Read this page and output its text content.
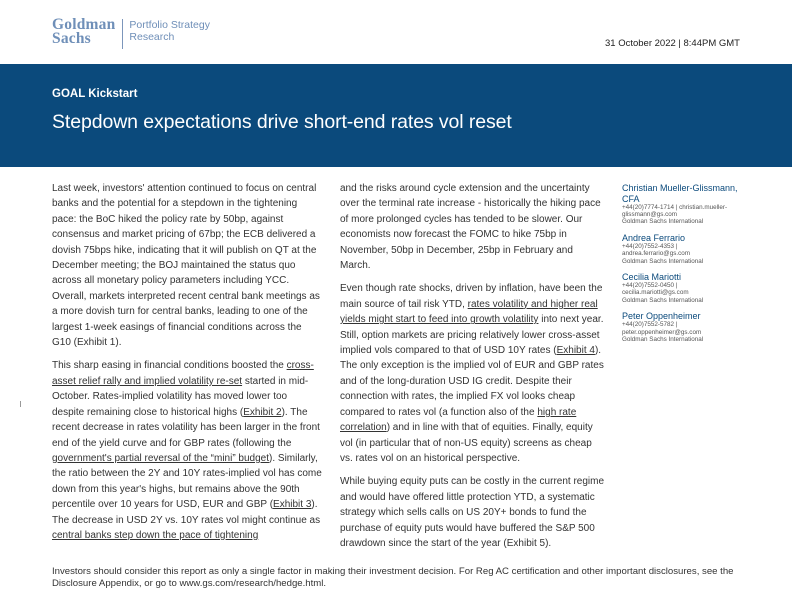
Goldman
Sachs
Portfolio Strategy
Research
31 October 2022 | 8:44PM GMT
GOAL Kickstart
Stepdown expectations drive short-end rates vol reset

Last week, investors' attention continued to focus on central banks and the potential for a stepdown in the tightening pace: the BoC hiked the policy rate by 50bp, against consensus and market pricing of 67bp; the ECB delivered a dovish 75bps hike, indicating that it will publish on QT at the December meeting; the BOJ maintained the status quo across all monetary policy parameters including YCC. Overall, markets interpreted recent central bank meetings as a more dovish turn for central banks, leading to one of the largest 1-week easings of financial conditions across the G10 (Exhibit 1).

This sharp easing in financial conditions boosted the cross-asset relief rally and implied volatility re-set started in mid-October. Rates-implied volatility has moved lower too despite remaining close to historical highs (Exhibit 2). The recent decrease in rates volatility has been larger in the front end of the yield curve and for GBP rates (following the government's partial reversal of the “mini” budget). Similarly, the ratio between the 2Y and 10Y rates-implied vol has come down from this year's highs, but remains above the 90th percentile over 10 years for USD, EUR and GBP (Exhibit 3). The decrease in USD 2Y vs. 10Y rates vol might continue as central banks step down the pace of tightening

and the risks around cycle extension and the uncertainty over the terminal rate increase - historically the hiking pace of more prolonged cycles has tended to be slower. Our economists now forecast the FOMC to hike 75bp in November, 50bp in December, 25bp in February and March.

Even though rate shocks, driven by inflation, have been the main source of tail risk YTD, rates volatility and higher real yields might start to feed into growth volatility into next year. Still, option markets are pricing relatively lower cross-asset implied vols compared to that of USD 10Y rates (Exhibit 4). The only exception is the implied vol of EUR and GBP rates and of the long-duration USD IG credit. Despite their connection with rates, the implied FX vol looks cheap compared to rates vol (a function also of the high rate correlation) and in line with that of equities. Finally, equity vol (in particular that of non-US equity) screens as cheap vs. rates vol on an historical perspective.

While buying equity puts can be costly in the current regime and would have offered little protection YTD, a systematic strategy which sells calls on US 20Y+ bonds to fund the purchase of equity puts would have buffered the S&P 500 drawdown since the start of the year (Exhibit 5).

Christian Mueller-Glissmann,
CFA
+44(20)7774-1714 | christian.mueller-
glissmann@gs.com
Goldman Sachs International
Andrea Ferrario
+44(20)7552-4353 |
andrea.ferrario@gs.com
Goldman Sachs International
Cecilia Mariotti
+44(20)7552-0450 |
cecilia.mariotti@gs.com
Goldman Sachs International
Peter Oppenheimer
+44(20)7552-5782 |
peter.oppenheimer@gs.com
Goldman Sachs International
Investors should consider this report as only a single factor in making their investment decision. For Reg AC certification and other important disclosures, see the Disclosure Appendix, or go to www.gs.com/research/hedge.html.
